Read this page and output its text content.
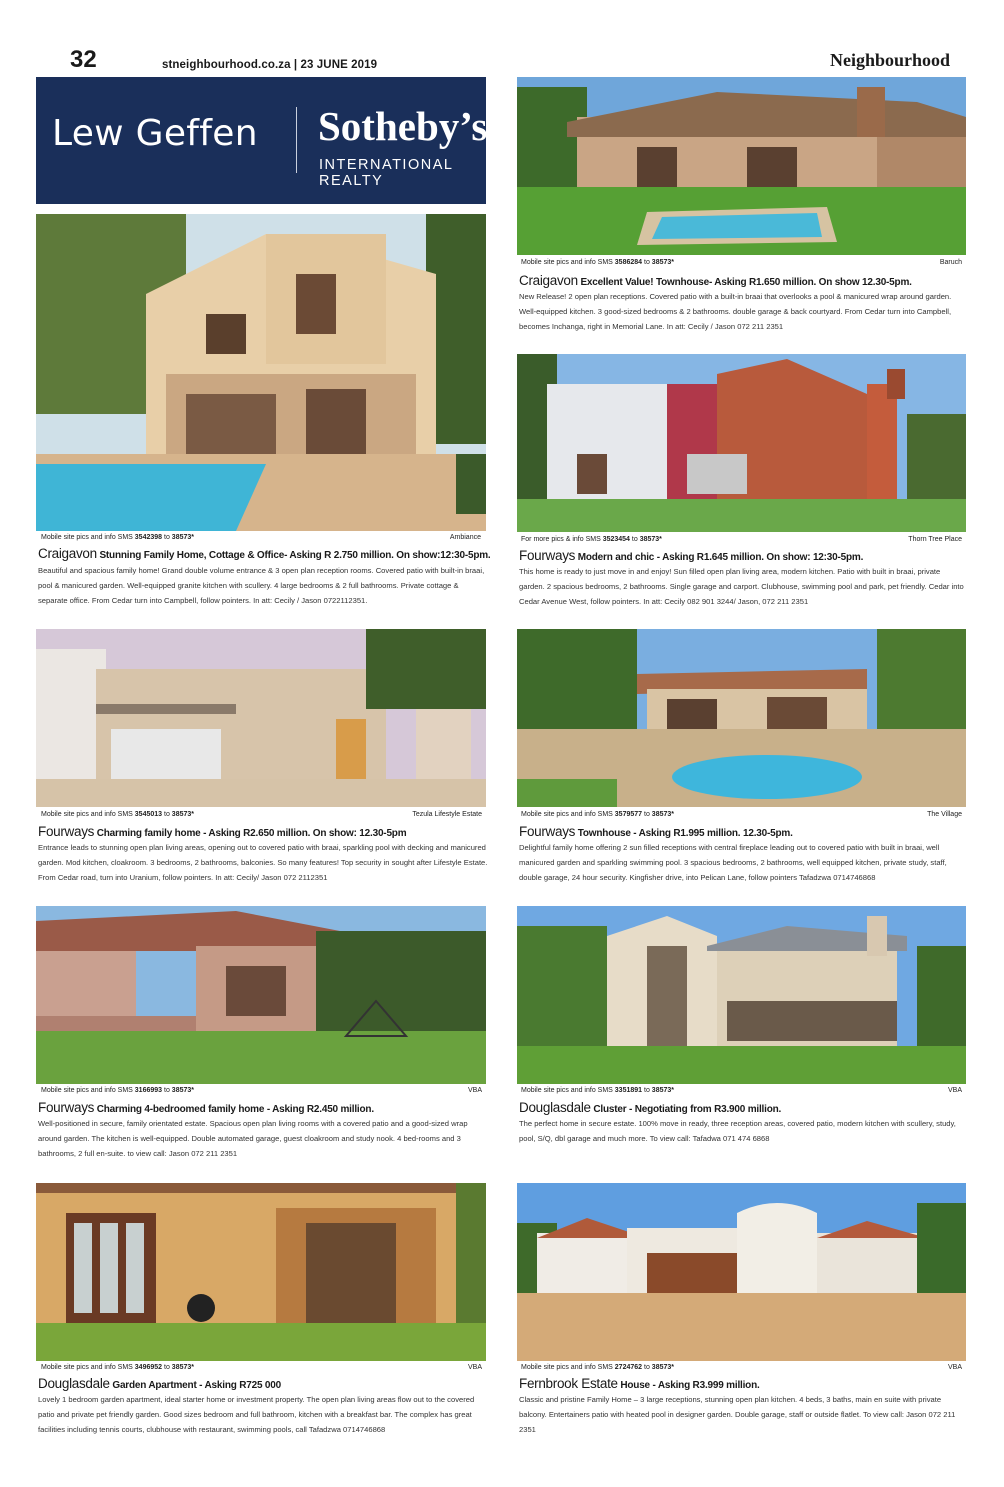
32	stneighbourhood.co.za | 23 JUNE 2019	Neighbourhood
Lew Geffen Sotheby’s
INTERNATIONAL REALTY
Mobile site pics and info SMS 3542398 to 38573*	Ambiance
Craigavon Stunning Family Home, Cottage & Office- Asking R 2.750 million. On show:12:30-5pm.
Beautiful and spacious family home! Grand double volume entrance & 3 open plan reception rooms. Covered patio with built-in braai, pool & manicured garden. Well-equipped granite kitchen with scullery. 4 large bedrooms & 2 full bathrooms. Private cottage & separate office. From Cedar turn into Campbell, follow pointers. In att: Cecily / Jason 0722112351.
Mobile site pics and info SMS 3586284 to 38573*	Baruch
Craigavon Excellent Value! Townhouse- Asking R1.650 million. On show 12.30-5pm.
New Release! 2 open plan receptions. Covered patio with a built-in braai that overlooks a pool & manicured wrap around garden. Well-equipped kitchen. 3 good-sized bedrooms & 2 bathrooms. double garage & back courtyard. From Cedar turn into Campbell, becomes Inchanga, right in Memorial Lane. In att: Cecily / Jason 072 211 2351
For more pics & info SMS 3523454 to 38573*	Thorn Tree Place
Fourways Modern and chic - Asking R1.645 million. On show: 12:30-5pm.
This home is ready to just move in and enjoy! Sun filled open plan living area, modern kitchen. Patio with built in braai, private garden. 2 spacious bedrooms, 2 bathrooms. Single garage and carport. Clubhouse, swimming pool and park, pet friendly. Cedar into Cedar Avenue West, follow pointers. In att: Cecily 082 901 3244/ Jason, 072 211 2351
Mobile site pics and info SMS 3545013 to 38573*	Tezula Lifestyle Estate
Fourways Charming family home - Asking R2.650 million. On show: 12.30-5pm
Entrance leads to stunning open plan living areas, opening out to covered patio with braai, sparkling pool with decking and manicured garden. Mod kitchen, cloakroom. 3 bedrooms, 2 bathrooms, balconies. So many features! Top security in sought after Lifestyle Estate. From Cedar road, turn into Uranium, follow pointers. In att: Cecily/ Jason 072 2112351
Mobile site pics and info SMS 3579577 to 38573*	The Village
Fourways Townhouse - Asking R1.995 million. 12.30-5pm.
Delightful family home offering 2 sun filled receptions with central fireplace leading out to covered patio with built in braai, well manicured garden and sparkling swimming pool. 3 spacious bedrooms, 2 bathrooms, well equipped kitchen, private study, staff, double garage, 24 hour security. Kingfisher drive, into Pelican Lane, follow pointers Tafadzwa 0714746868
Mobile site pics and info SMS 3166993 to 38573*	VBA
Fourways Charming 4-bedroomed family home - Asking R2.450 million.
Well-positioned in secure, family orientated estate. Spacious open plan living rooms with a covered patio and a good-sized wrap around garden. The kitchen is well-equipped. Double automated garage, guest cloakroom and study nook. 4 bed-rooms and 3 bathrooms, 2 full en-suite. to view call: Jason 072 211 2351
Mobile site pics and info SMS 3351891 to 38573*	VBA
Douglasdale Cluster - Negotiating from R3.900 million.
The perfect home in secure estate. 100% move in ready, three reception areas, covered patio, modern kitchen with scullery, study, pool, S/Q, dbl garage and much more. To view call: Tafadwa 071 474 6868
Mobile site pics and info SMS 3496952 to 38573*	VBA
Douglasdale Garden Apartment - Asking R725 000
Lovely 1 bedroom garden apartment, ideal starter home or investment property. The open plan living areas flow out to the covered patio and private pet friendly garden. Good sizes bedroom and full bathroom, kitchen with a breakfast bar. The complex has great facilities including tennis courts, clubhouse with restaurant, swimming pools, call Tafadzwa 0714746868
Mobile site pics and info SMS 2724762 to 38573*	VBA
Fernbrook Estate House - Asking R3.999 million.
Classic and pristine Family Home – 3 large receptions, stunning open plan kitchen. 4 beds, 3 baths, main en suite with private balcony. Entertainers patio with heated pool in designer garden. Double garage, staff or outside flatlet. To view call: Jason 072 211 2351
